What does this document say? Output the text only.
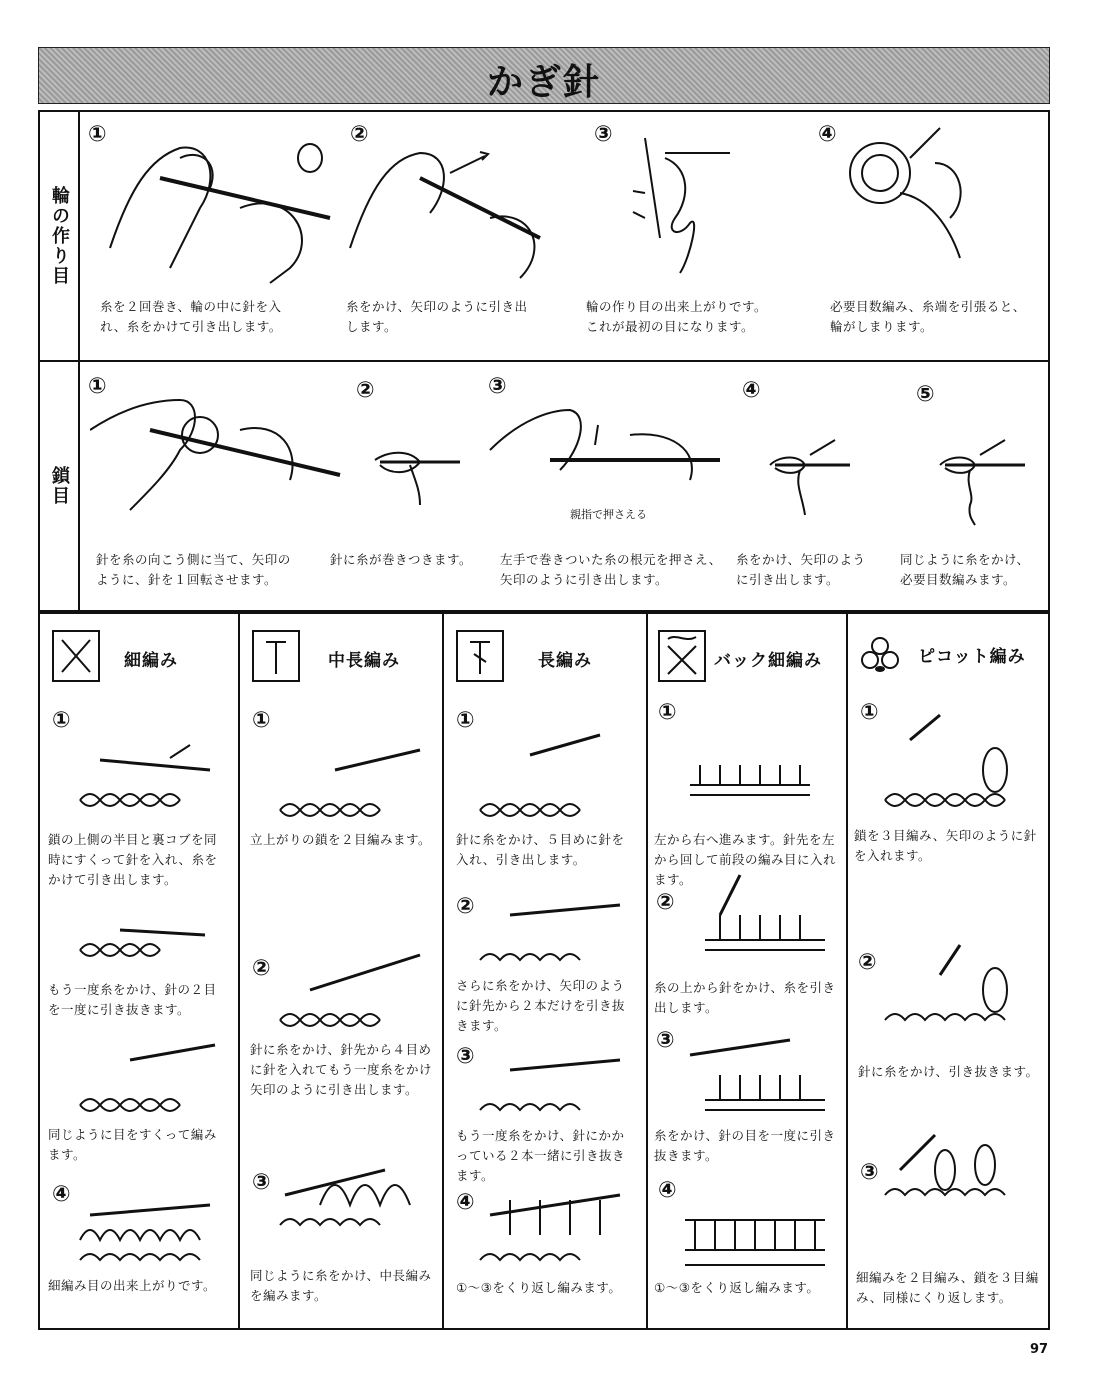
かぎ針
輪の作り目
①	②	③	④
糸を２回巻き、輪の中に針を入
れ、糸をかけて引き出します。
糸をかけ、矢印のように引き出
します。
輪の作り目の出来上がりです。
これが最初の目になります。
必要目数編み、糸端を引張ると、
輪がしまります。
鎖目
①	②	③	④	⑤
親指で押さえる
針を糸の向こう側に当て、矢印の
ように、針を１回転させます。
針に糸が巻きつきます。	左手で巻きついた糸の根元を押さえ、
矢印のように引き出します。
糸をかけ、矢印のよう
に引き出します。
同じように糸をかけ、
必要目数編みます。
細編み	中長編み	長編み	バック細編み	ピコット編み
①
④
鎖の上側の半目と裏コブを同
時にすくって針を入れ、糸を
かけて引き出します。
もう一度糸をかけ、針の２目
を一度に引き抜きます。
同じように目をすくって編み
ます。
細編み目の出来上がりです。
①
②
③
立上がりの鎖を２目編みます。
針に糸をかけ、針先から４目め
に針を入れてもう一度糸をかけ
矢印のように引き出します。
同じように糸をかけ、中長編み
を編みます。
①
②
③
④
針に糸をかけ、５目めに針を
入れ、引き出します。
さらに糸をかけ、矢印のよう
に針先から２本だけを引き抜
きます。
もう一度糸をかけ、針にかか
っている２本一緒に引き抜き
ます。
①〜③をくり返し編みます。
①
②
③
④
左から右へ進みます。針先を左
から回して前段の編み目に入れ
ます。
糸の上から針をかけ、糸を引き
出します。
糸をかけ、針の目を一度に引き
抜きます。
①〜③をくり返し編みます。
①
②
③
鎖を３目編み、矢印のように針
を入れます。
針に糸をかけ、引き抜きます。
細編みを２目編み、鎖を３目編
み、同様にくり返します。
97
